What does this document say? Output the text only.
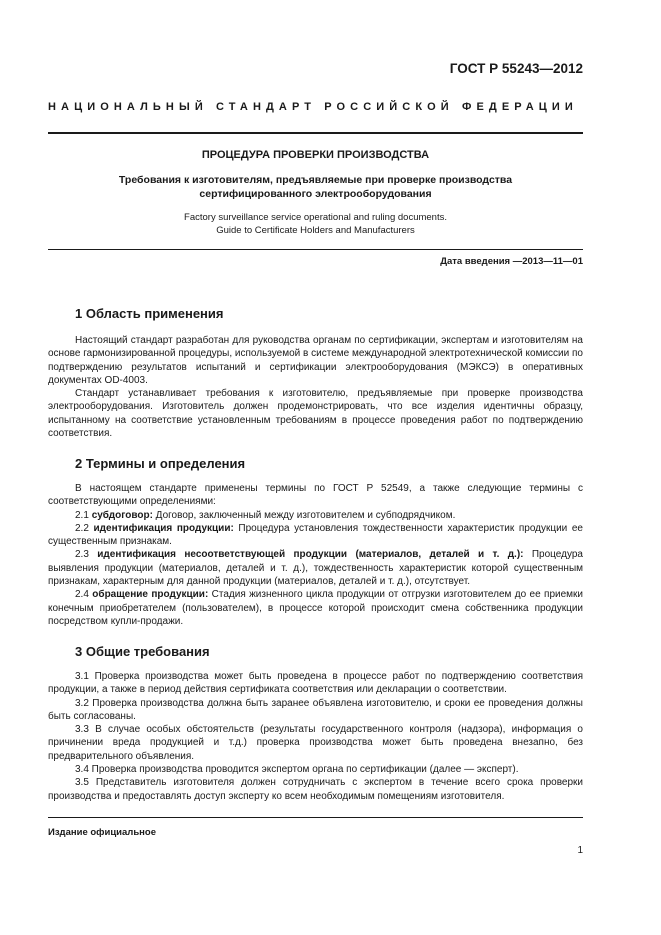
ГОСТ Р 55243—2012
НАЦИОНАЛЬНЫЙ СТАНДАРТ РОССИЙСКОЙ ФЕДЕРАЦИИ
ПРОЦЕДУРА ПРОВЕРКИ ПРОИЗВОДСТВА
Требования к изготовителям, предъявляемые при проверке производства
сертифицированного электрооборудования
Factory surveillance service operational and ruling documents.
Guide to Certificate Holders and Manufacturers
Дата введения —2013—11—01
1 Область применения

Настоящий стандарт разработан для руководства органам по сертификации, экспертам и изготовителям на основе гармонизированной процедуры, используемой в системе международной электротехнической комиссии по подтверждению результатов испытаний и сертификации электрооборудования (МЭКСЭ) в оперативных документах OD-4003.

Стандарт устанавливает требования к изготовителю, предъявляемые при проверке производства электрооборудования. Изготовитель должен продемонстрировать, что все изделия идентичны образцу, испытанному на соответствие установленным требованиям в процессе проведения работ по подтверждению соответствия.

2 Термины и определения

В настоящем стандарте применены термины по ГОСТ Р 52549, а также следующие термины с соответствующими определениями:

2.1 субдоговор: Договор, заключенный между изготовителем и субподрядчиком.

2.2 идентификация продукции: Процедура установления тождественности характеристик продукции ее существенным признакам.

2.3 идентификация несоответствующей продукции (материалов, деталей и т. д.): Процедура выявления продукции (материалов, деталей и т. д.), тождественность характеристик которой существенным признакам, характерным для данной продукции (материалов, деталей и т. д.), отсутствует.

2.4 обращение продукции: Стадия жизненного цикла продукции от отгрузки изготовителем до ее приемки конечным приобретателем (пользователем), в процессе которой происходит смена собственника продукции посредством купли-продажи.

3 Общие требования

3.1 Проверка производства может быть проведена в процессе работ по подтверждению соответствия продукции, а также в период действия сертификата соответствия или декларации о соответствии.

3.2 Проверка производства должна быть заранее объявлена изготовителю, и сроки ее проведения должны быть согласованы.

3.3 В случае особых обстоятельств (результаты государственного контроля (надзора), информация о причинении вреда продукцией и т.д.) проверка производства может быть проведена внезапно, без предварительного объявления.

3.4 Проверка производства проводится экспертом органа по сертификации (далее — эксперт).

3.5 Представитель изготовителя должен сотрудничать с экспертом в течение всего срока проверки производства и предоставлять доступ эксперту ко всем необходимым помещениям изготовителя.

Издание официальное
1
